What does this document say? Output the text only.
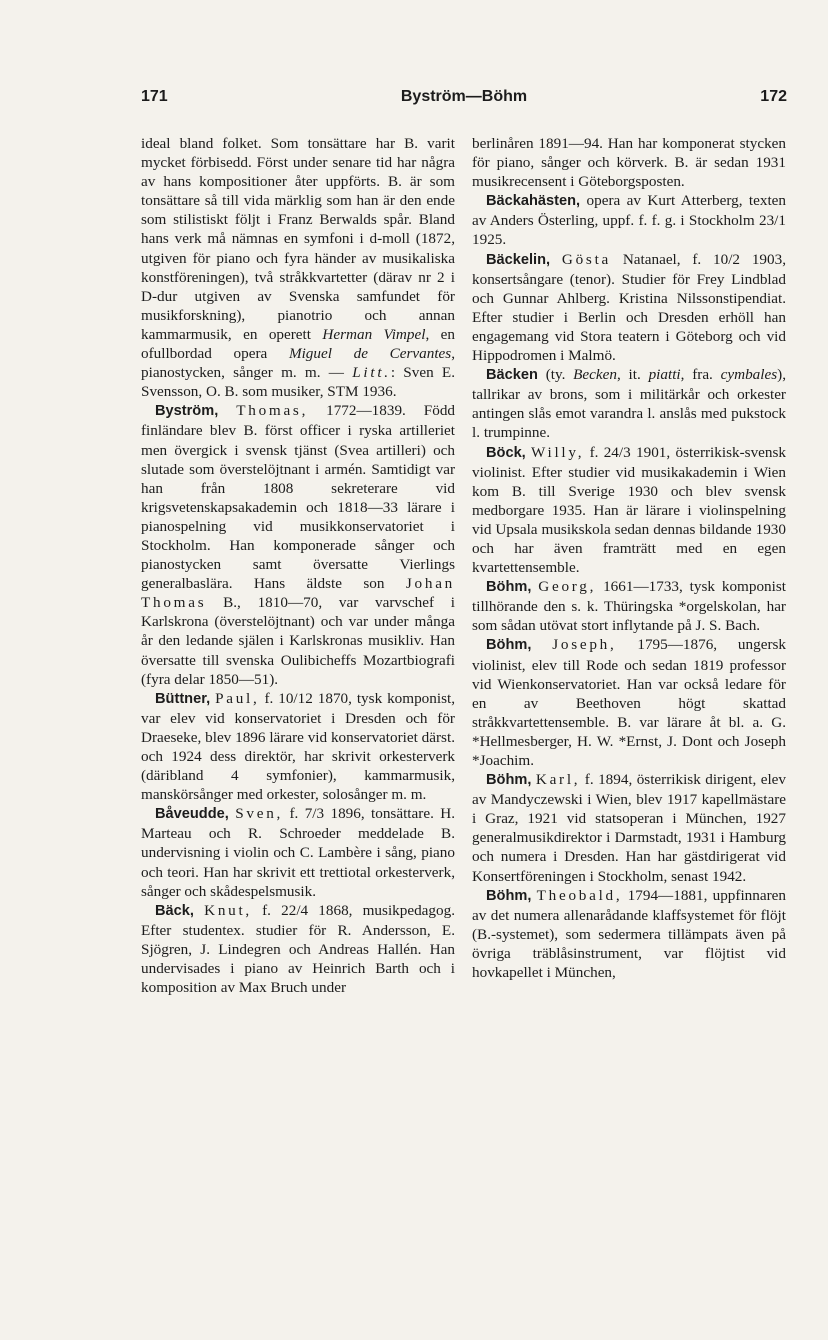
171	Byström—Böhm	172

ideal bland folket. Som tonsättare har B. varit mycket förbisedd. Först under senare tid har några av hans kompositioner åter uppförts. B. är som tonsättare så till vida märklig som han är den ende som stilistiskt följt i Franz Berwalds spår. Bland hans verk må nämnas en symfoni i d-moll (1872, utgiven för piano och fyra händer av musikaliska konstföreningen), två stråkkvartetter (därav nr 2 i D-dur utgiven av Svenska samfundet för musikforskning), pianotrio och annan kammarmusik, en operett Herman Vimpel, en ofullbordad opera Miguel de Cervantes, pianostycken, sånger m. m. — Litt.: Sven E. Svensson, O. B. som musiker, STM 1936.

Byström, Thomas, 1772—1839. Född finländare blev B. först officer i ryska artilleriet men övergick i svensk tjänst (Svea artilleri) och slutade som överstelöjtnant i armén. Samtidigt var han från 1808 sekreterare vid krigsvetenskapsakademin och 1818—33 lärare i pianospelning vid musikkonservatoriet i Stockholm. Han komponerade sånger och pianostycken samt översatte Vierlings generalbaslära. Hans äldste son Johan Thomas B., 1810—70, var varvschef i Karlskrona (överstelöjtnant) och var under många år den ledande själen i Karlskronas musikliv. Han översatte till svenska Oulibicheffs Mozartbiografi (fyra delar 1850—51).

Büttner, Paul, f. 10/12 1870, tysk komponist, var elev vid konservatoriet i Dresden och för Draeseke, blev 1896 lärare vid konservatoriet därst. och 1924 dess direktör, har skrivit orkesterverk (däribland 4 symfonier), kammarmusik, manskörsånger med orkester, solosånger m. m.

Båveudde, Sven, f. 7/3 1896, tonsättare. H. Marteau och R. Schroeder meddelade B. undervisning i violin och C. Lambère i sång, piano och teori. Han har skrivit ett trettiotal orkesterverk, sånger och skådespelsmusik.

Bäck, Knut, f. 22/4 1868, musikpedagog. Efter studentex. studier för R. Andersson, E. Sjögren, J. Lindegren och Andreas Hallén. Han undervisades i piano av Heinrich Barth och i komposition av Max Bruch under

berlinåren 1891—94. Han har komponerat stycken för piano, sånger och körverk. B. är sedan 1931 musikrecensent i Göteborgsposten.

Bäckahästen, opera av Kurt Atterberg, texten av Anders Österling, uppf. f. f. g. i Stockholm 23/1 1925.

Bäckelin, Gösta Natanael, f. 10/2 1903, konsertsångare (tenor). Studier för Frey Lindblad och Gunnar Ahlberg. Kristina Nilssonstipendiat. Efter studier i Berlin och Dresden erhöll han engagemang vid Stora teatern i Göteborg och vid Hippodromen i Malmö.

Bäcken (ty. Becken, it. piatti, fra. cymbales), tallrikar av brons, som i militärkår och orkester antingen slås emot varandra l. anslås med pukstock l. trumpinne.

Böck, Willy, f. 24/3 1901, österrikisk-svensk violinist. Efter studier vid musikakademin i Wien kom B. till Sverige 1930 och blev svensk medborgare 1935. Han är lärare i violinspelning vid Upsala musikskola sedan dennas bildande 1930 och har även framträtt med en egen kvartettensemble.

Böhm, Georg, 1661—1733, tysk komponist tillhörande den s. k. Thüringska *orgelskolan, har som sådan utövat stort inflytande på J. S. Bach.

Böhm, Joseph, 1795—1876, ungersk violinist, elev till Rode och sedan 1819 professor vid Wienkonservatoriet. Han var också ledare för en av Beethoven högt skattad stråkkvartettensemble. B. var lärare åt bl. a. G. *Hellmesberger, H. W. *Ernst, J. Dont och Joseph *Joachim.

Böhm, Karl, f. 1894, österrikisk dirigent, elev av Mandyczewski i Wien, blev 1917 kapellmästare i Graz, 1921 vid statsoperan i München, 1927 generalmusikdirektor i Darmstadt, 1931 i Hamburg och numera i Dresden. Han har gästdirigerat vid Konsertföreningen i Stockholm, senast 1942.

Böhm, Theobald, 1794—1881, uppfinnaren av det numera allenarådande klaffsystemet för flöjt (B.-systemet), som sedermera tillämpats även på övriga träblåsinstrument, var flöjtist vid hovkapellet i München,
